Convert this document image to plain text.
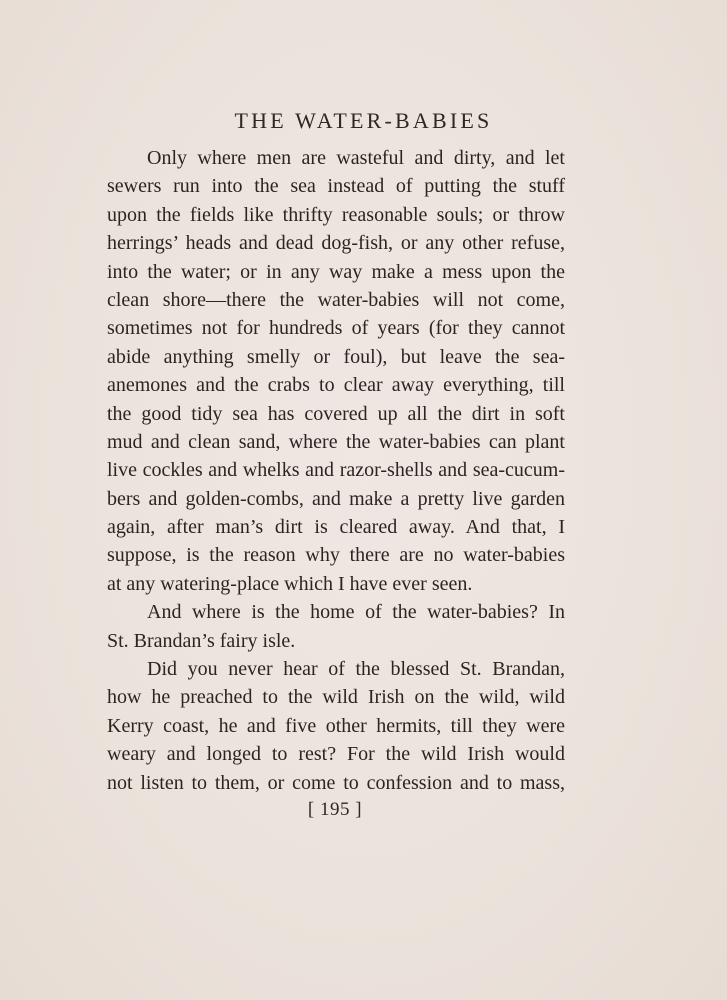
THE WATER-BABIES
Only where men are wasteful and dirty, and let
sewers run into the sea instead of putting the stuff
upon the fields like thrifty reasonable souls; or throw
herrings’ heads and dead dog-fish, or any other refuse,
into the water; or in any way make a mess upon the
clean shore—there the water-babies will not come,
sometimes not for hundreds of years (for they cannot
abide anything smelly or foul), but leave the sea-
anemones and the crabs to clear away everything, till
the good tidy sea has covered up all the dirt in soft
mud and clean sand, where the water-babies can plant
live cockles and whelks and razor-shells and sea-cucum-
bers and golden-combs, and make a pretty live garden
again, after man’s dirt is cleared away. And that, I
suppose, is the reason why there are no water-babies
at any watering-place which I have ever seen.
And where is the home of the water-babies? In
St. Brandan’s fairy isle.
Did you never hear of the blessed St. Brandan,
how he preached to the wild Irish on the wild, wild
Kerry coast, he and five other hermits, till they were
weary and longed to rest? For the wild Irish would
not listen to them, or come to confession and to mass,
[ 195 ]
